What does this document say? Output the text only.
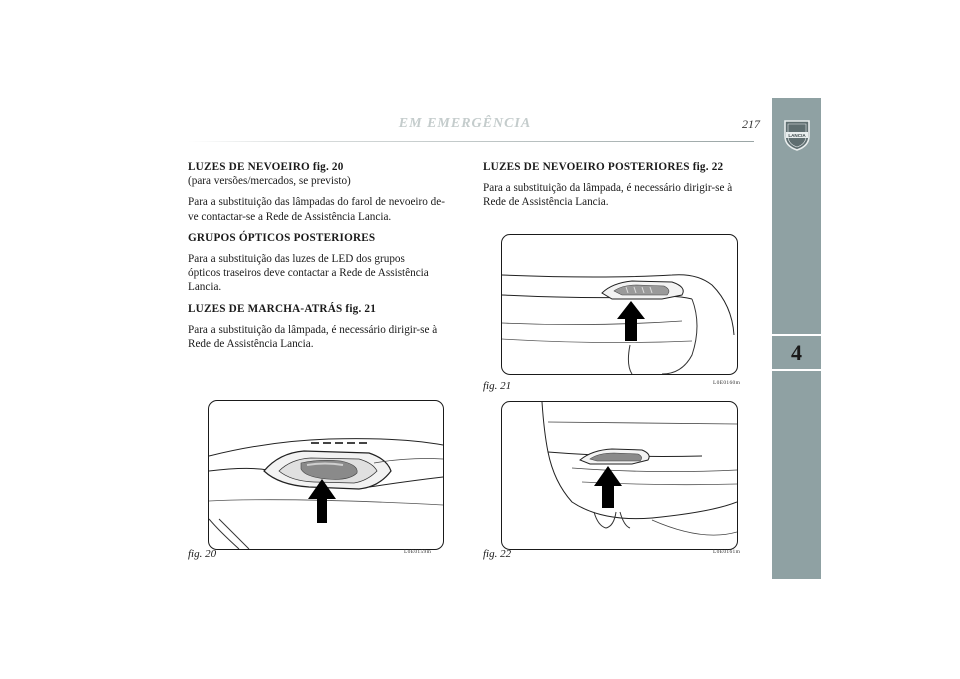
EM EMERGÊNCIA	217
LANCIA
4
LUZES DE NEVOEIRO fig. 20

(para versões/mercados, se previsto)

Para a substituição das lâmpadas do farol de nevoeiro de-

ve contactar-se a Rede de Assistência Lancia.

GRUPOS ÓPTICOS POSTERIORES

Para a substituição das luzes de LED dos grupos

ópticos traseiros deve contactar a Rede de Assistência

Lancia.

LUZES DE MARCHA-ATRÁS fig. 21

Para a substituição da lâmpada, é necessário dirigir-se à

Rede de Assistência Lancia.

LUZES DE NEVOEIRO POSTERIORES fig. 22

Para a substituição da lâmpada, é necessário dirigir-se à

Rede de Assistência Lancia.

fig. 20	L0E0159m
fig. 21	L0E0160m
fig. 22	L0E0161m
